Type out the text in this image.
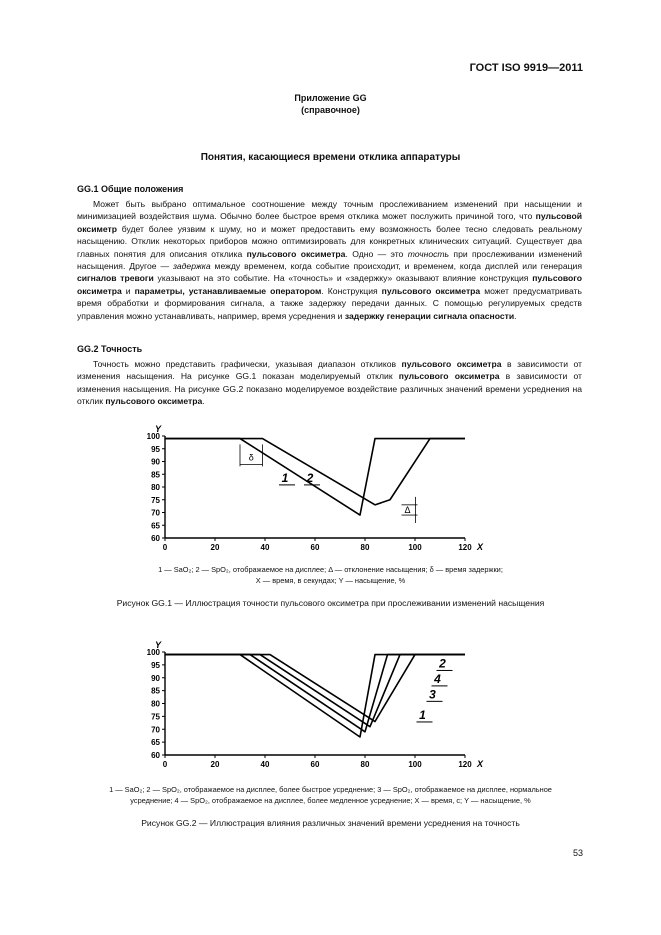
ГОСТ ISO 9919—2011
Приложение GG
(справочное)
Понятия, касающиеся времени отклика аппаратуры
GG.1 Общие положения

Может быть выбрано оптимальное соотношение между точным прослеживанием изменений при насыщении и минимизацией воздействия шума. Обычно более быстрое время отклика может послужить причиной того, что пульсовой оксиметр будет более уязвим к шуму, но и может предоставить ему возможность более тесно следовать реальному насыщению. Отклик некоторых приборов можно оптимизировать для конкретных клинических ситуаций. Существует два главных понятия для описания отклика пульсового оксиметра. Одно — это точность при прослеживании изменений насыщения. Другое — задержка между временем, когда событие происходит, и временем, когда дисплей или генерация сигналов тревоги указывают на это событие. На «точность» и «задержку» оказывают влияние конструкция пульсового оксиметра и параметры, устанавливаемые оператором. Конструкция пульсового оксиметра может предусматривать время обработки и формирования сигнала, а также задержку передачи данных. С помощью регулируемых средств управления можно устанавливать, например, время усреднения и задержку генерации сигнала опасности.

GG.2 Точность

Точность можно представить графически, указывая диапазон откликов пульсового оксиметра в зависимости от изменения насыщения. На рисунке GG.1 показан моделируемый отклик пульсового оксиметра в зависимости от изменения насыщения. На рисунке GG.2 показано моделируемое воздействие различных значений времени усреднения на отклик пульсового оксиметра.

60
65
70
75
80
85
90
95
100
0	20	40	60	80	100	120
Y
X
δ
Δ
1 2
1 — SaO₂; 2 — SpO₂, отображаемое на дисплее; Δ — отклонение насыщения; δ — время задержки;
X — время, в секундах; Y — насыщение, %
Рисунок GG.1 — Иллюстрация точности пульсового оксиметра при прослеживании изменений насыщения
60
65
70
75
80
85
90
95
100
0	20	40	60	80	100	120
Y
X
2
4
3
1
1 — SaO₂; 2 — SpO₂, отображаемое на дисплее, более быстрое усреднение; 3 — SpO₂, отображаемое на дисплее, нормальное
усреднение; 4 — SpO₂, отображаемое на дисплее, более медленное усреднение; X — время, с; Y — насыщение, %
Рисунок GG.2 — Иллюстрация влияния различных значений времени усреднения на точность
53
